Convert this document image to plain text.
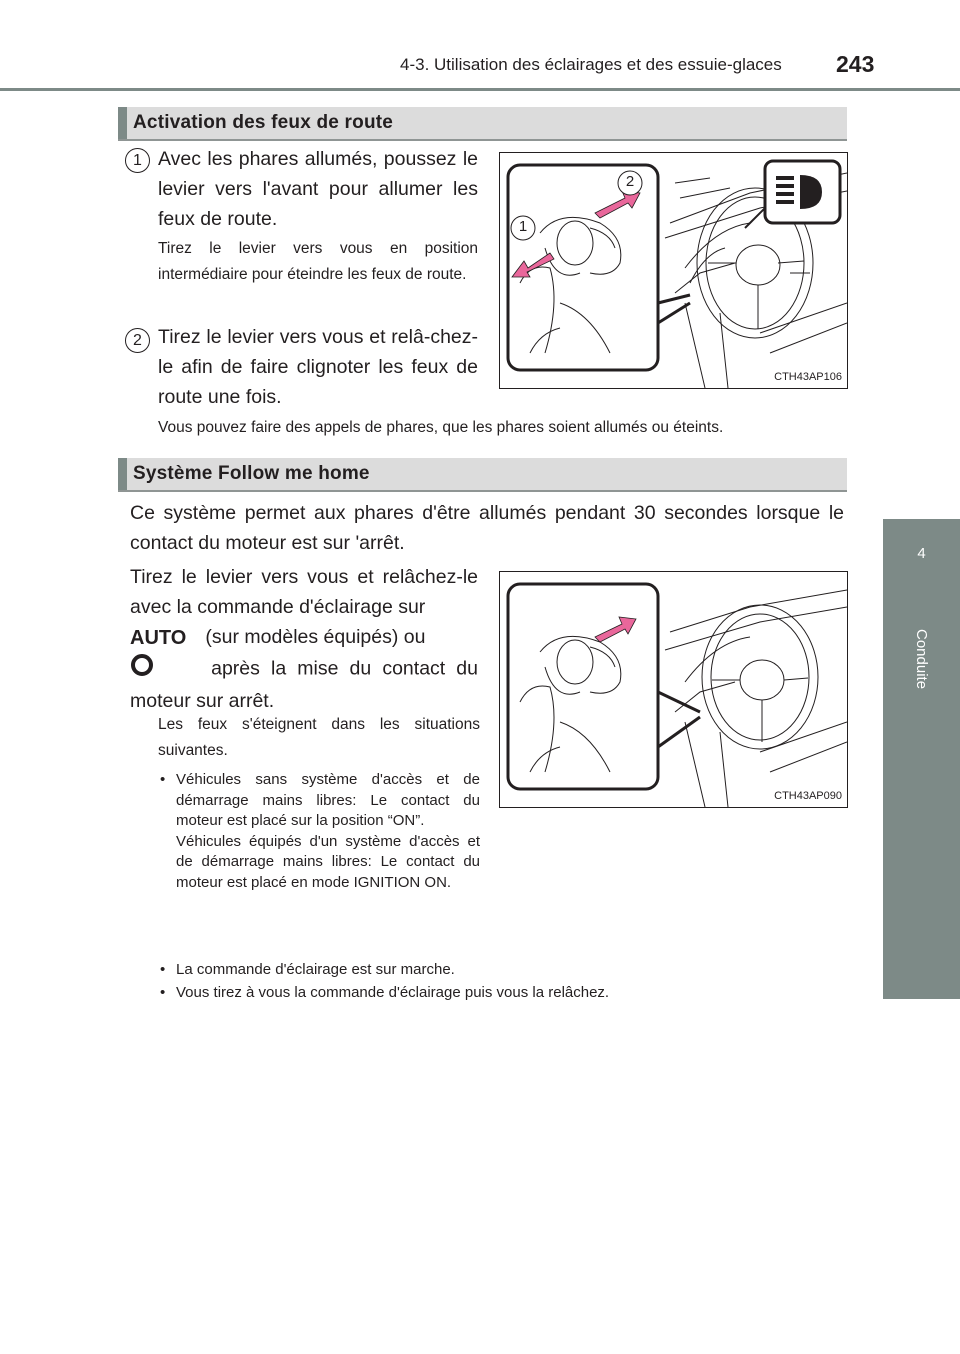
4-3. Utilisation des éclairages et des essuie-glaces 243
4
Conduite
Activation des feux de route
1 Avec les phares allumés, poussez le levier vers l'avant pour allumer les feux de route.
Tirez le levier vers vous en position intermédiaire pour éteindre les feux de route.
2 Tirez le levier vers vous et relâ-chez-le afin de faire clignoter les feux de route une fois.
2
1
CTH43AP106
Vous pouvez faire des appels de phares, que les phares soient allumés ou éteints.
Système Follow me home
Ce système permet aux phares d'être allumés pendant 30 secondes lorsque le contact du moteur est sur 'arrêt.
Tirez le levier vers vous et relâchez-le avec la commande d'éclairage sur
AUTO (sur modèles équipés) ou
après la mise du contact du moteur sur arrêt.
Les feux s'éteignent dans les situations suivantes.
• Véhicules sans système d'accès et de démarrage mains libres: Le contact du moteur est placé sur la position “ON”.
Véhicules équipés d'un système d'accès et de démarrage mains libres: Le contact du moteur est placé en mode IGNITION ON.
• La commande d'éclairage est sur marche.
• Vous tirez à vous la commande d'éclairage puis vous la relâchez.
CTH43AP090
